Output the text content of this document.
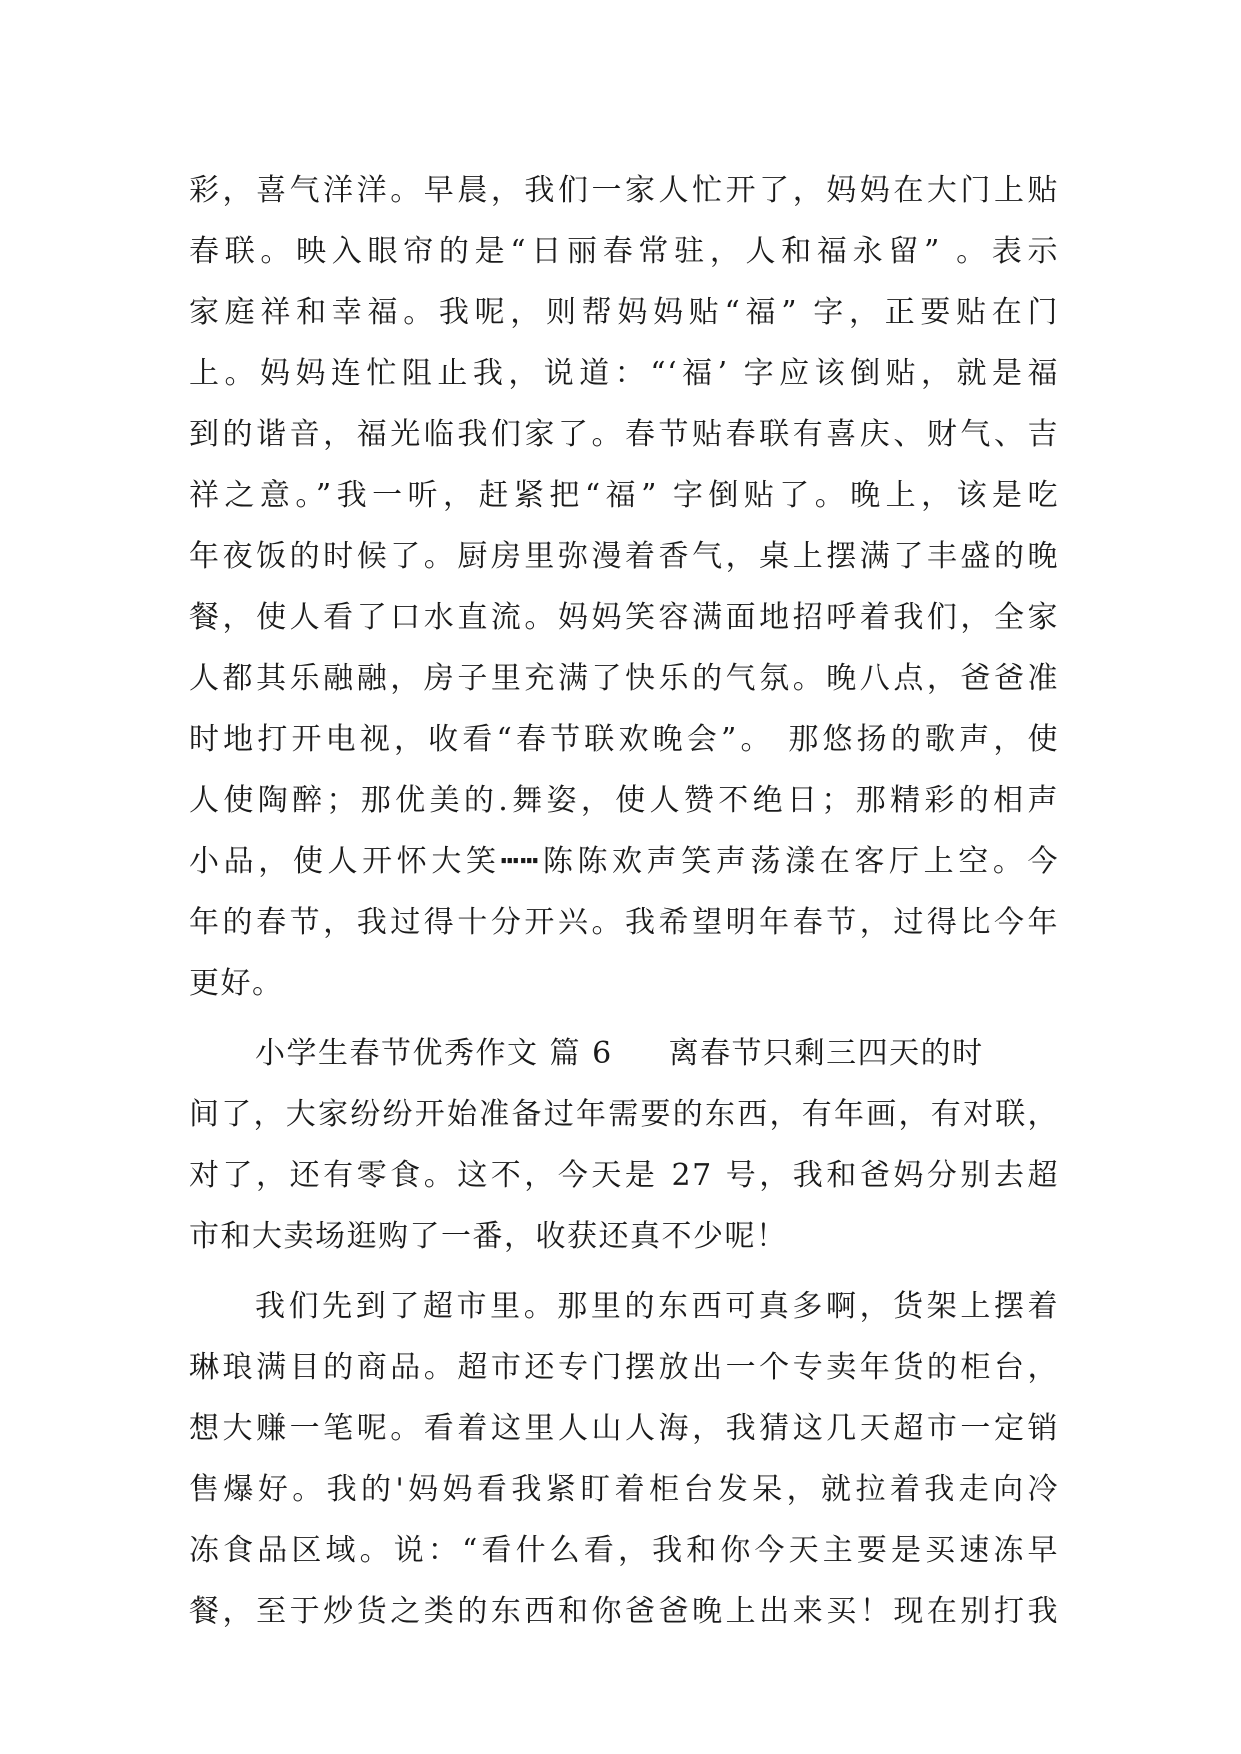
彩，喜气洋洋。早晨，我们一家人忙开了，妈妈在大门上贴
春联。映入眼帘的是“日丽春常驻，人和福永留” 。表示
家庭祥和幸福。我呢，则帮妈妈贴“福” 字，正要贴在门
上。妈妈连忙阻止我，说道：“‘福’ 字应该倒贴，就是福
到的谐音，福光临我们家了。春节贴春联有喜庆、财气、吉
祥之意。”我一听，赶紧把“福” 字倒贴了。晚上，该是吃
年夜饭的时候了。厨房里弥漫着香气，桌上摆满了丰盛的晚
餐，使人看了口水直流。妈妈笑容满面地招呼着我们，全家
人都其乐融融，房子里充满了快乐的气氛。晚八点，爸爸准
时地打开电视，收看“春节联欢晚会”。 那悠扬的歌声，使
人使陶醉；那优美的.舞姿，使人赞不绝日；那精彩的相声
小品，使人开怀大笑┅┅陈陈欢声笑声荡漾在客厅上空。今
年的春节，我过得十分开兴。我希望明年春节，过得比今年
更好。
小学生春节优秀作文 篇 6 离春节只剩三四天的时
间了，大家纷纷开始准备过年需要的东西，有年画，有对联，
对了，还有零食。这不，今天是 27 号，我和爸妈分别去超
市和大卖场逛购了一番，收获还真不少呢！
我们先到了超市里。那里的东西可真多啊，货架上摆着
琳琅满目的商品。超市还专门摆放出一个专卖年货的柜台，
想大赚一笔呢。看着这里人山人海，我猜这几天超市一定销
售爆好。我的'妈妈看我紧盯着柜台发呆，就拉着我走向冷
冻食品区域。说：“看什么看，我和你今天主要是买速冻早
餐，至于炒货之类的东西和你爸爸晚上出来买！现在别打我
